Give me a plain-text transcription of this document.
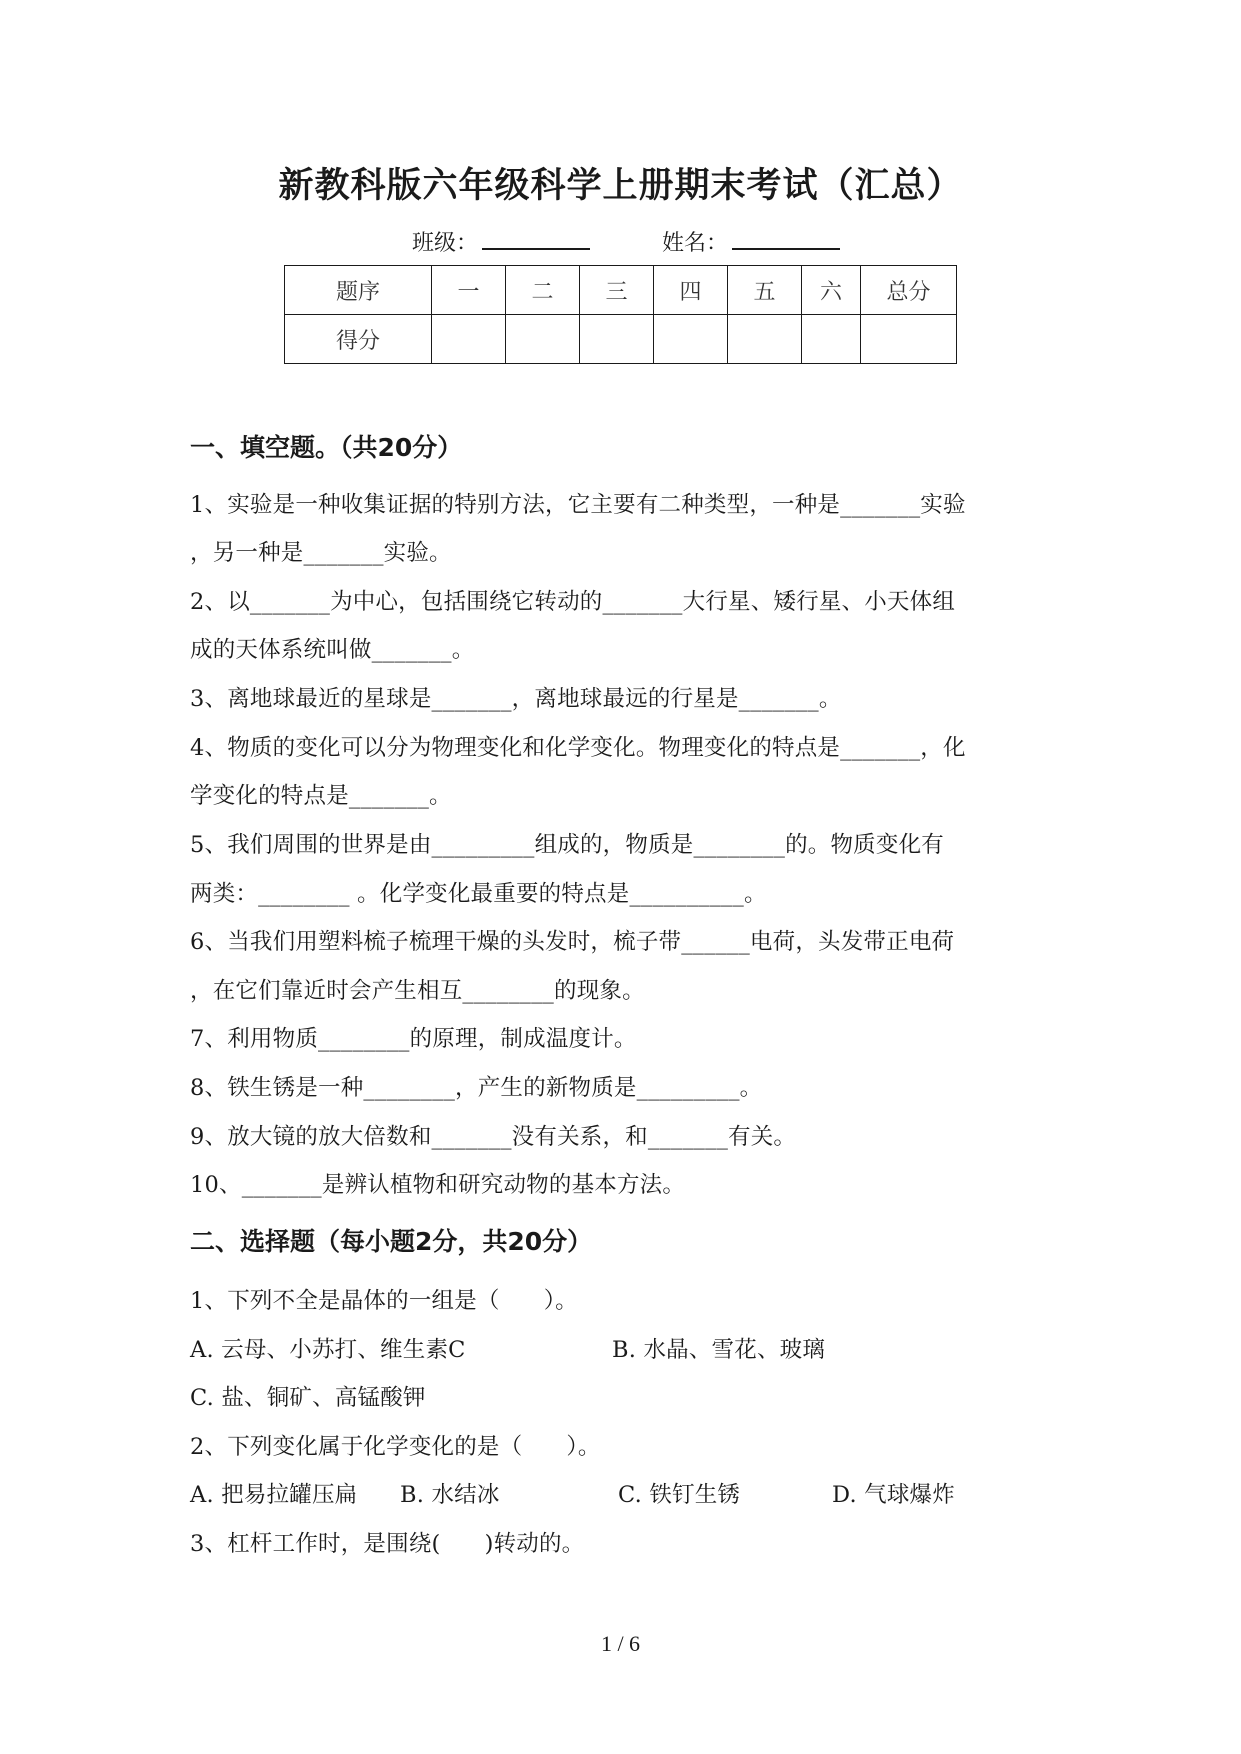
新教科版六年级科学上册期末考试（汇总）
班级：	姓名：
题序	一	二	三	四	五	六	总分
得分							
一、填空题。（共20分）
1、实验是一种收集证据的特别方法，它主要有二种类型，一种是_______实验
，另一种是_______实验。
2、以_______为中心，包括围绕它转动的_______大行星、矮行星、小天体组
成的天体系统叫做_______。
3、离地球最近的星球是_______，离地球最远的行星是_______。
4、物质的变化可以分为物理变化和化学变化。物理变化的特点是_______，化
学变化的特点是_______。
5、我们周围的世界是由_________组成的，物质是________的。物质变化有
两类：________ 。化学变化最重要的特点是__________。
6、当我们用塑料梳子梳理干燥的头发时，梳子带______电荷，头发带正电荷
，在它们靠近时会产生相互________的现象。
7、利用物质________的原理，制成温度计。
8、铁生锈是一种________，产生的新物质是_________。
9、放大镜的放大倍数和_______没有关系，和_______有关。
10、_______是辨认植物和研究动物的基本方法。
二、选择题（每小题2分，共20分）
1、下列不全是晶体的一组是（      ）。
A. 云母、小苏打、维生素C	B. 水晶、雪花、玻璃
C. 盐、铜矿、高锰酸钾
2、下列变化属于化学变化的是（      ）。
A. 把易拉罐压扁 B. 水结冰	C. 铁钉生锈	D. 气球爆炸
3、杠杆工作时，是围绕(      )转动的。
1 / 6
